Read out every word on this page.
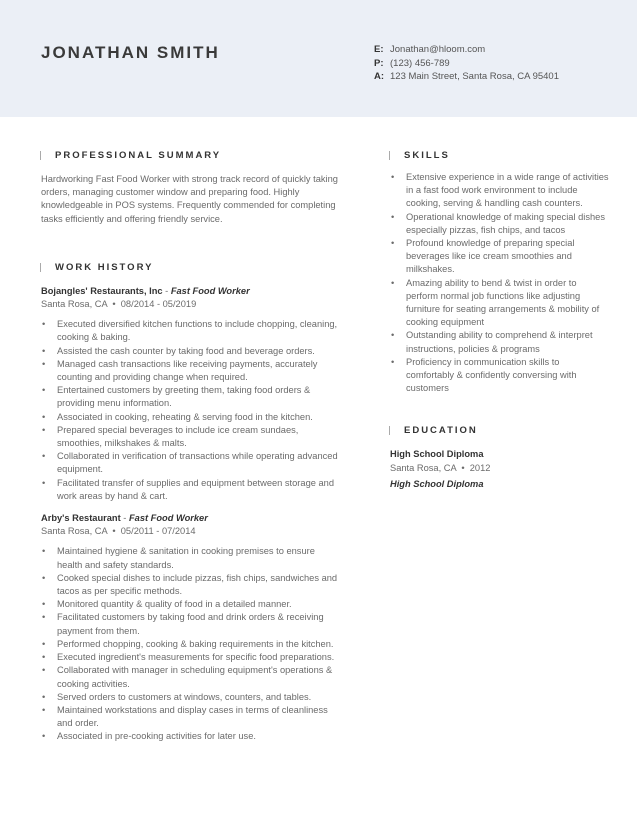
JONATHAN SMITH	E: Jonathan@hloom.com
P: (123) 456-789
A: 123 Main Street, Santa Rosa, CA 95401
PROFESSIONAL SUMMARY

Hardworking Fast Food Worker with strong track record of quickly taking orders, managing customer window and preparing food. Highly knowledgeable in POS systems. Frequently commended for completing tasks efficiently and offering friendly service.

WORK HISTORY
Bojangles' Restaurants, Inc - Fast Food Worker
Santa Rosa, CA • 08/2014 - 05/2019
• Executed diversified kitchen functions to include chopping, cleaning, cooking & baking.
• Assisted the cash counter by taking food and beverage orders.
• Managed cash transactions like receiving payments, accurately counting and providing change when required.
• Entertained customers by greeting them, taking food orders & providing menu information.
• Associated in cooking, reheating & serving food in the kitchen.
• Prepared special beverages to include ice cream sundaes, smoothies, milkshakes & malts.
• Collaborated in verification of transactions while operating advanced equipment.
• Facilitated transfer of supplies and equipment between storage and work areas by hand & cart.
Arby's Restaurant - Fast Food Worker
Santa Rosa, CA • 05/2011 - 07/2014
• Maintained hygiene & sanitation in cooking premises to ensure health and safety standards.
• Cooked special dishes to include pizzas, fish chips, sandwiches and tacos as per specific methods.
• Monitored quantity & quality of food in a detailed manner.
• Facilitated customers by taking food and drink orders & receiving payment from them.
• Performed chopping, cooking & baking requirements in the kitchen.
• Executed ingredient's measurements for specific food preparations.
• Collaborated with manager in scheduling equipment's operations & cooking activities.
• Served orders to customers at windows, counters, and tables.
• Maintained workstations and display cases in terms of cleanliness and order.
• Associated in pre-cooking activities for later use.
SKILLS
• Extensive experience in a wide range of activities in a fast food work environment to include cooking, serving & handling cash counters.
• Operational knowledge of making special dishes especially pizzas, fish chips, and tacos
• Profound knowledge of preparing special beverages like ice cream smoothies and milkshakes.
• Amazing ability to bend & twist in order to perform normal job functions like adjusting furniture for seating arrangements & mobility of cooking equipment
• Outstanding ability to comprehend & interpret instructions, policies & programs
• Proficiency in communication skills to comfortably & confidently conversing with customers
EDUCATION
High School Diploma
Santa Rosa, CA • 2012
High School Diploma
